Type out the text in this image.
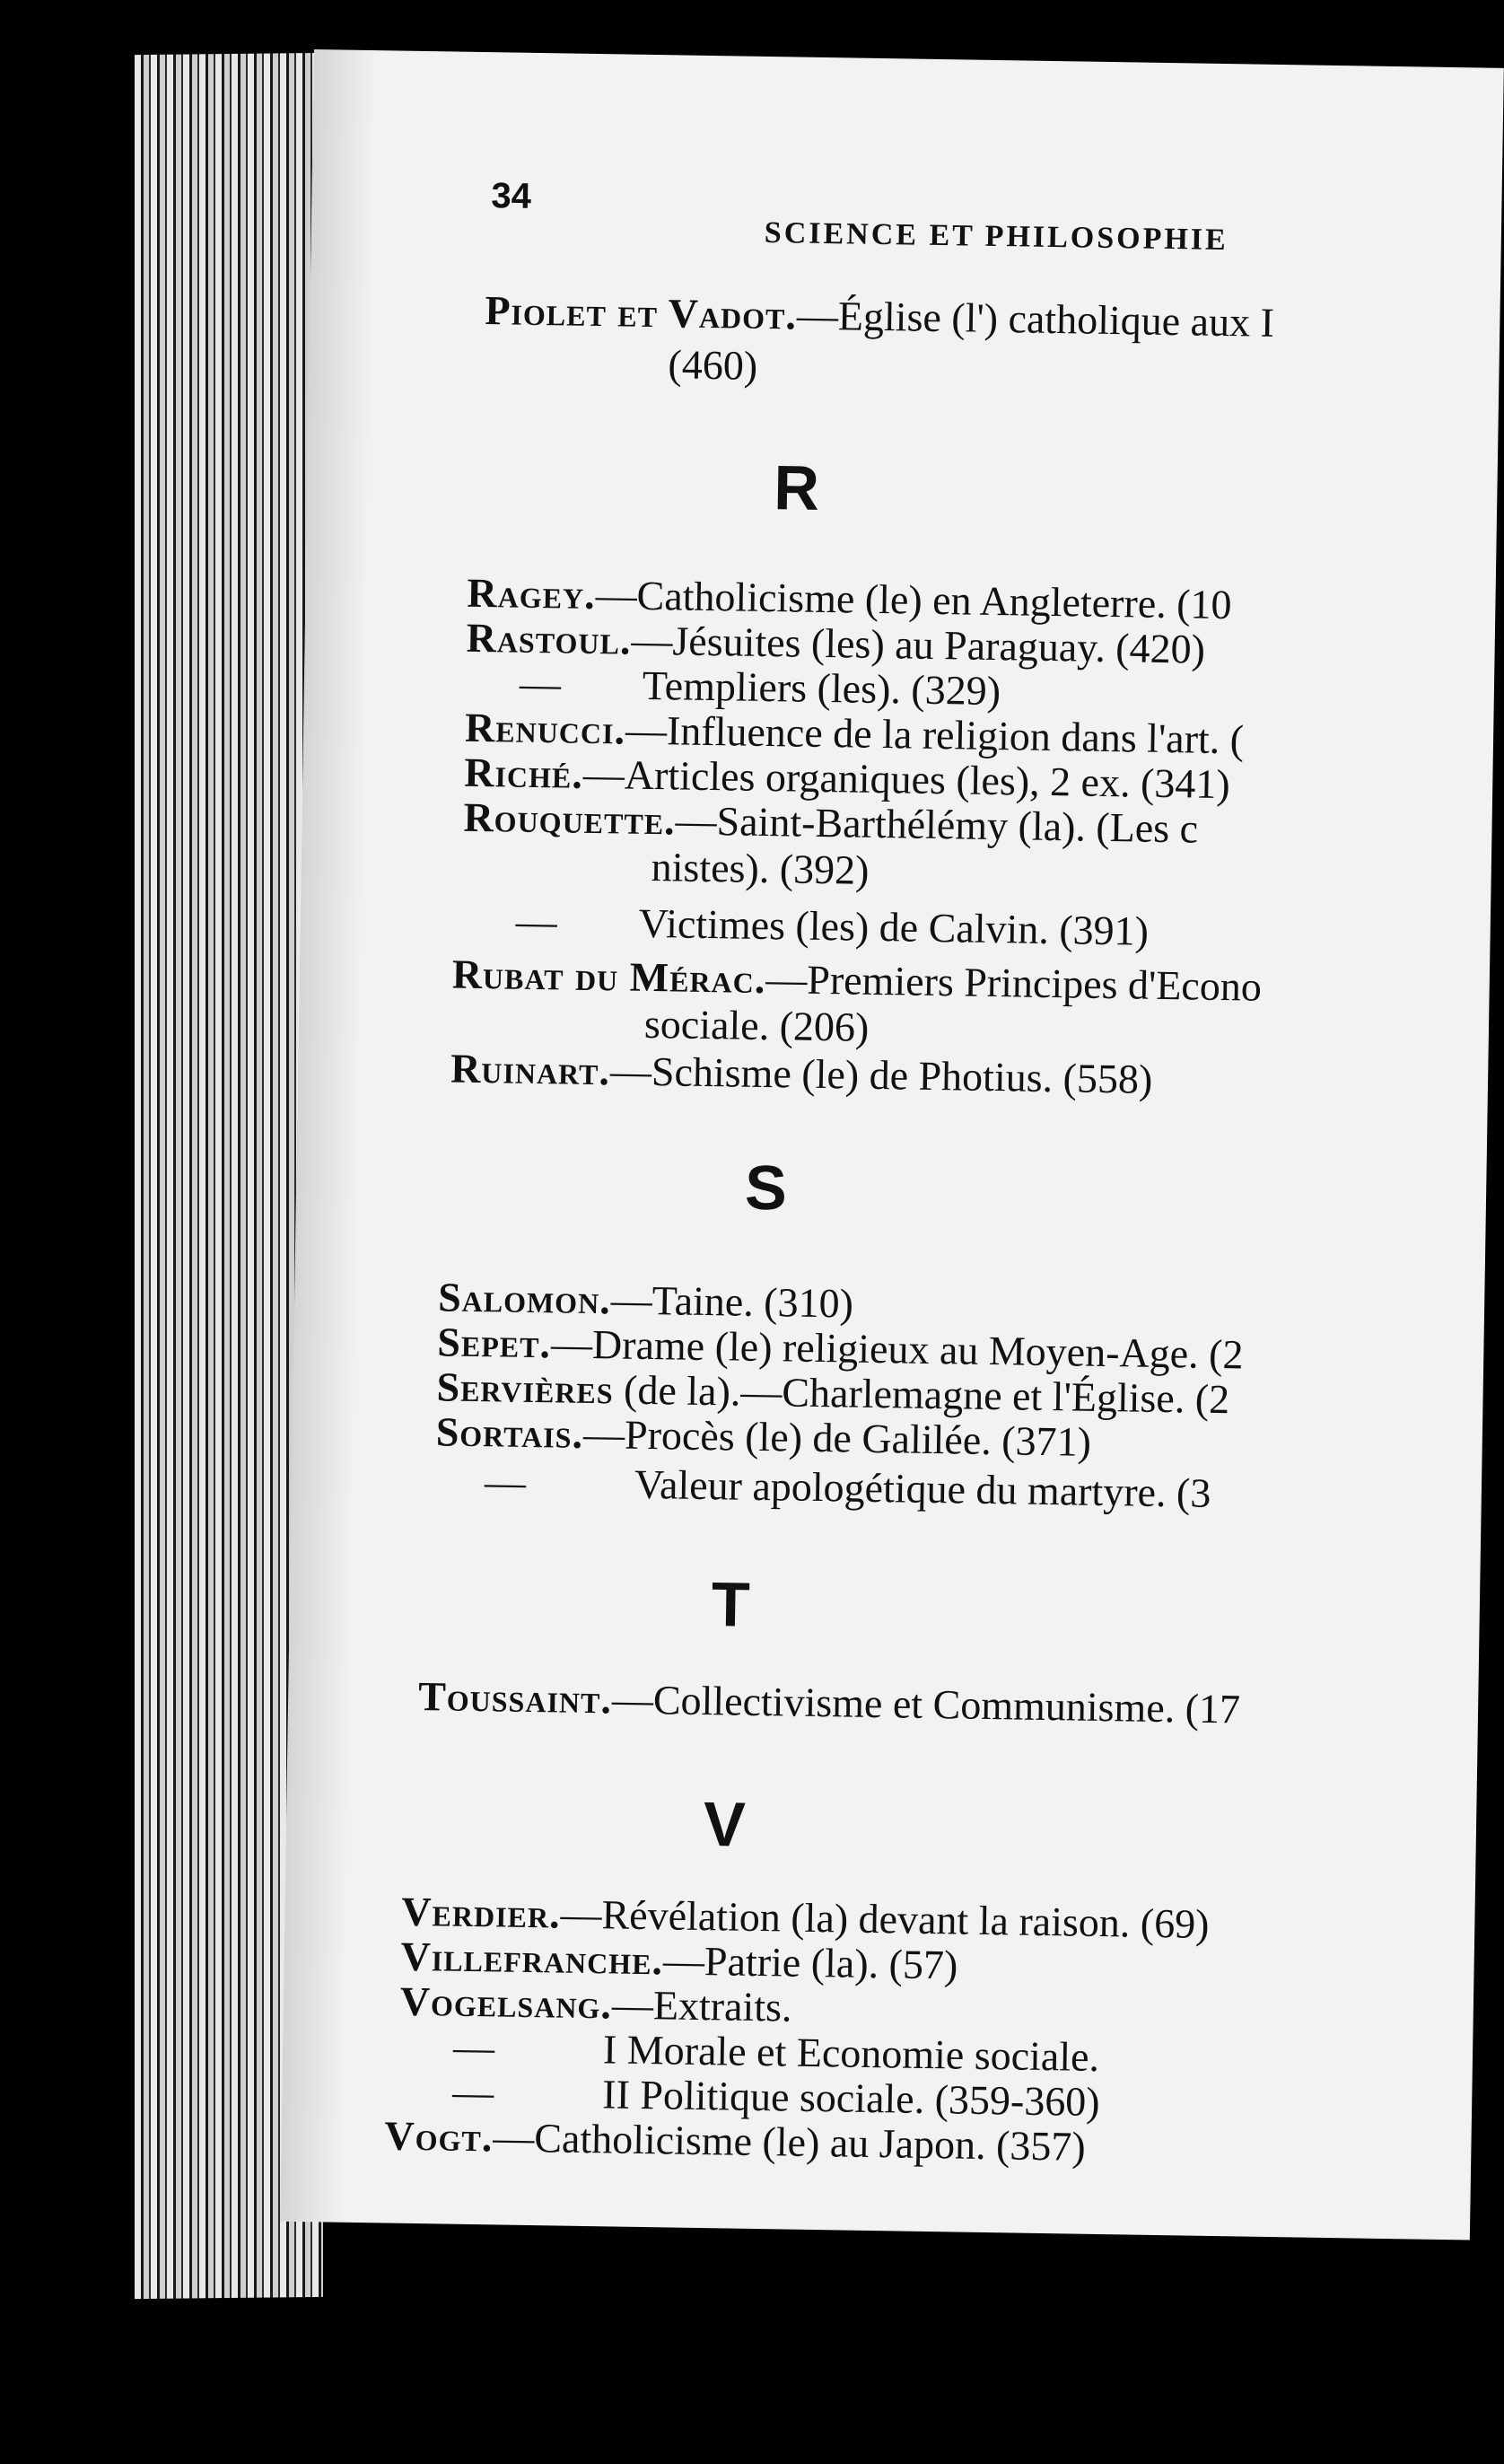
34
SCIENCE ET PHILOSOPHIE
Piolet et Vadot.—Église (l') catholique aux I
(460)
R
Ragey.—Catholicisme (le) en Angleterre. (10
Rastoul.—Jésuites (les) au Paraguay. (420)
— Templiers (les). (329)
Renucci.—Influence de la religion dans l'art. (
Riché.—Articles organiques (les), 2 ex. (341)
Rouquette.—Saint-Barthélémy (la). (Les c
nistes). (392)
— Victimes (les) de Calvin. (391)
Rubat du Mérac.—Premiers Principes d'Econo
sociale. (206)
Ruinart.—Schisme (le) de Photius. (558)
S
Salomon.—Taine. (310)
Sepet.—Drame (le) religieux au Moyen-Age. (2
Servières (de la).—Charlemagne et l'Église. (2
Sortais.—Procès (le) de Galilée. (371)
—	Valeur apologétique du martyre. (3
T
Toussaint.—Collectivisme et Communisme. (17
V
Verdier.—Révélation (la) devant la raison. (69)
Villefranche.—Patrie (la). (57)
Vogelsang.—Extraits.
—	I Morale et Economie sociale.
—	II Politique sociale. (359-360)
Vogt.—Catholicisme (le) au Japon. (357)
